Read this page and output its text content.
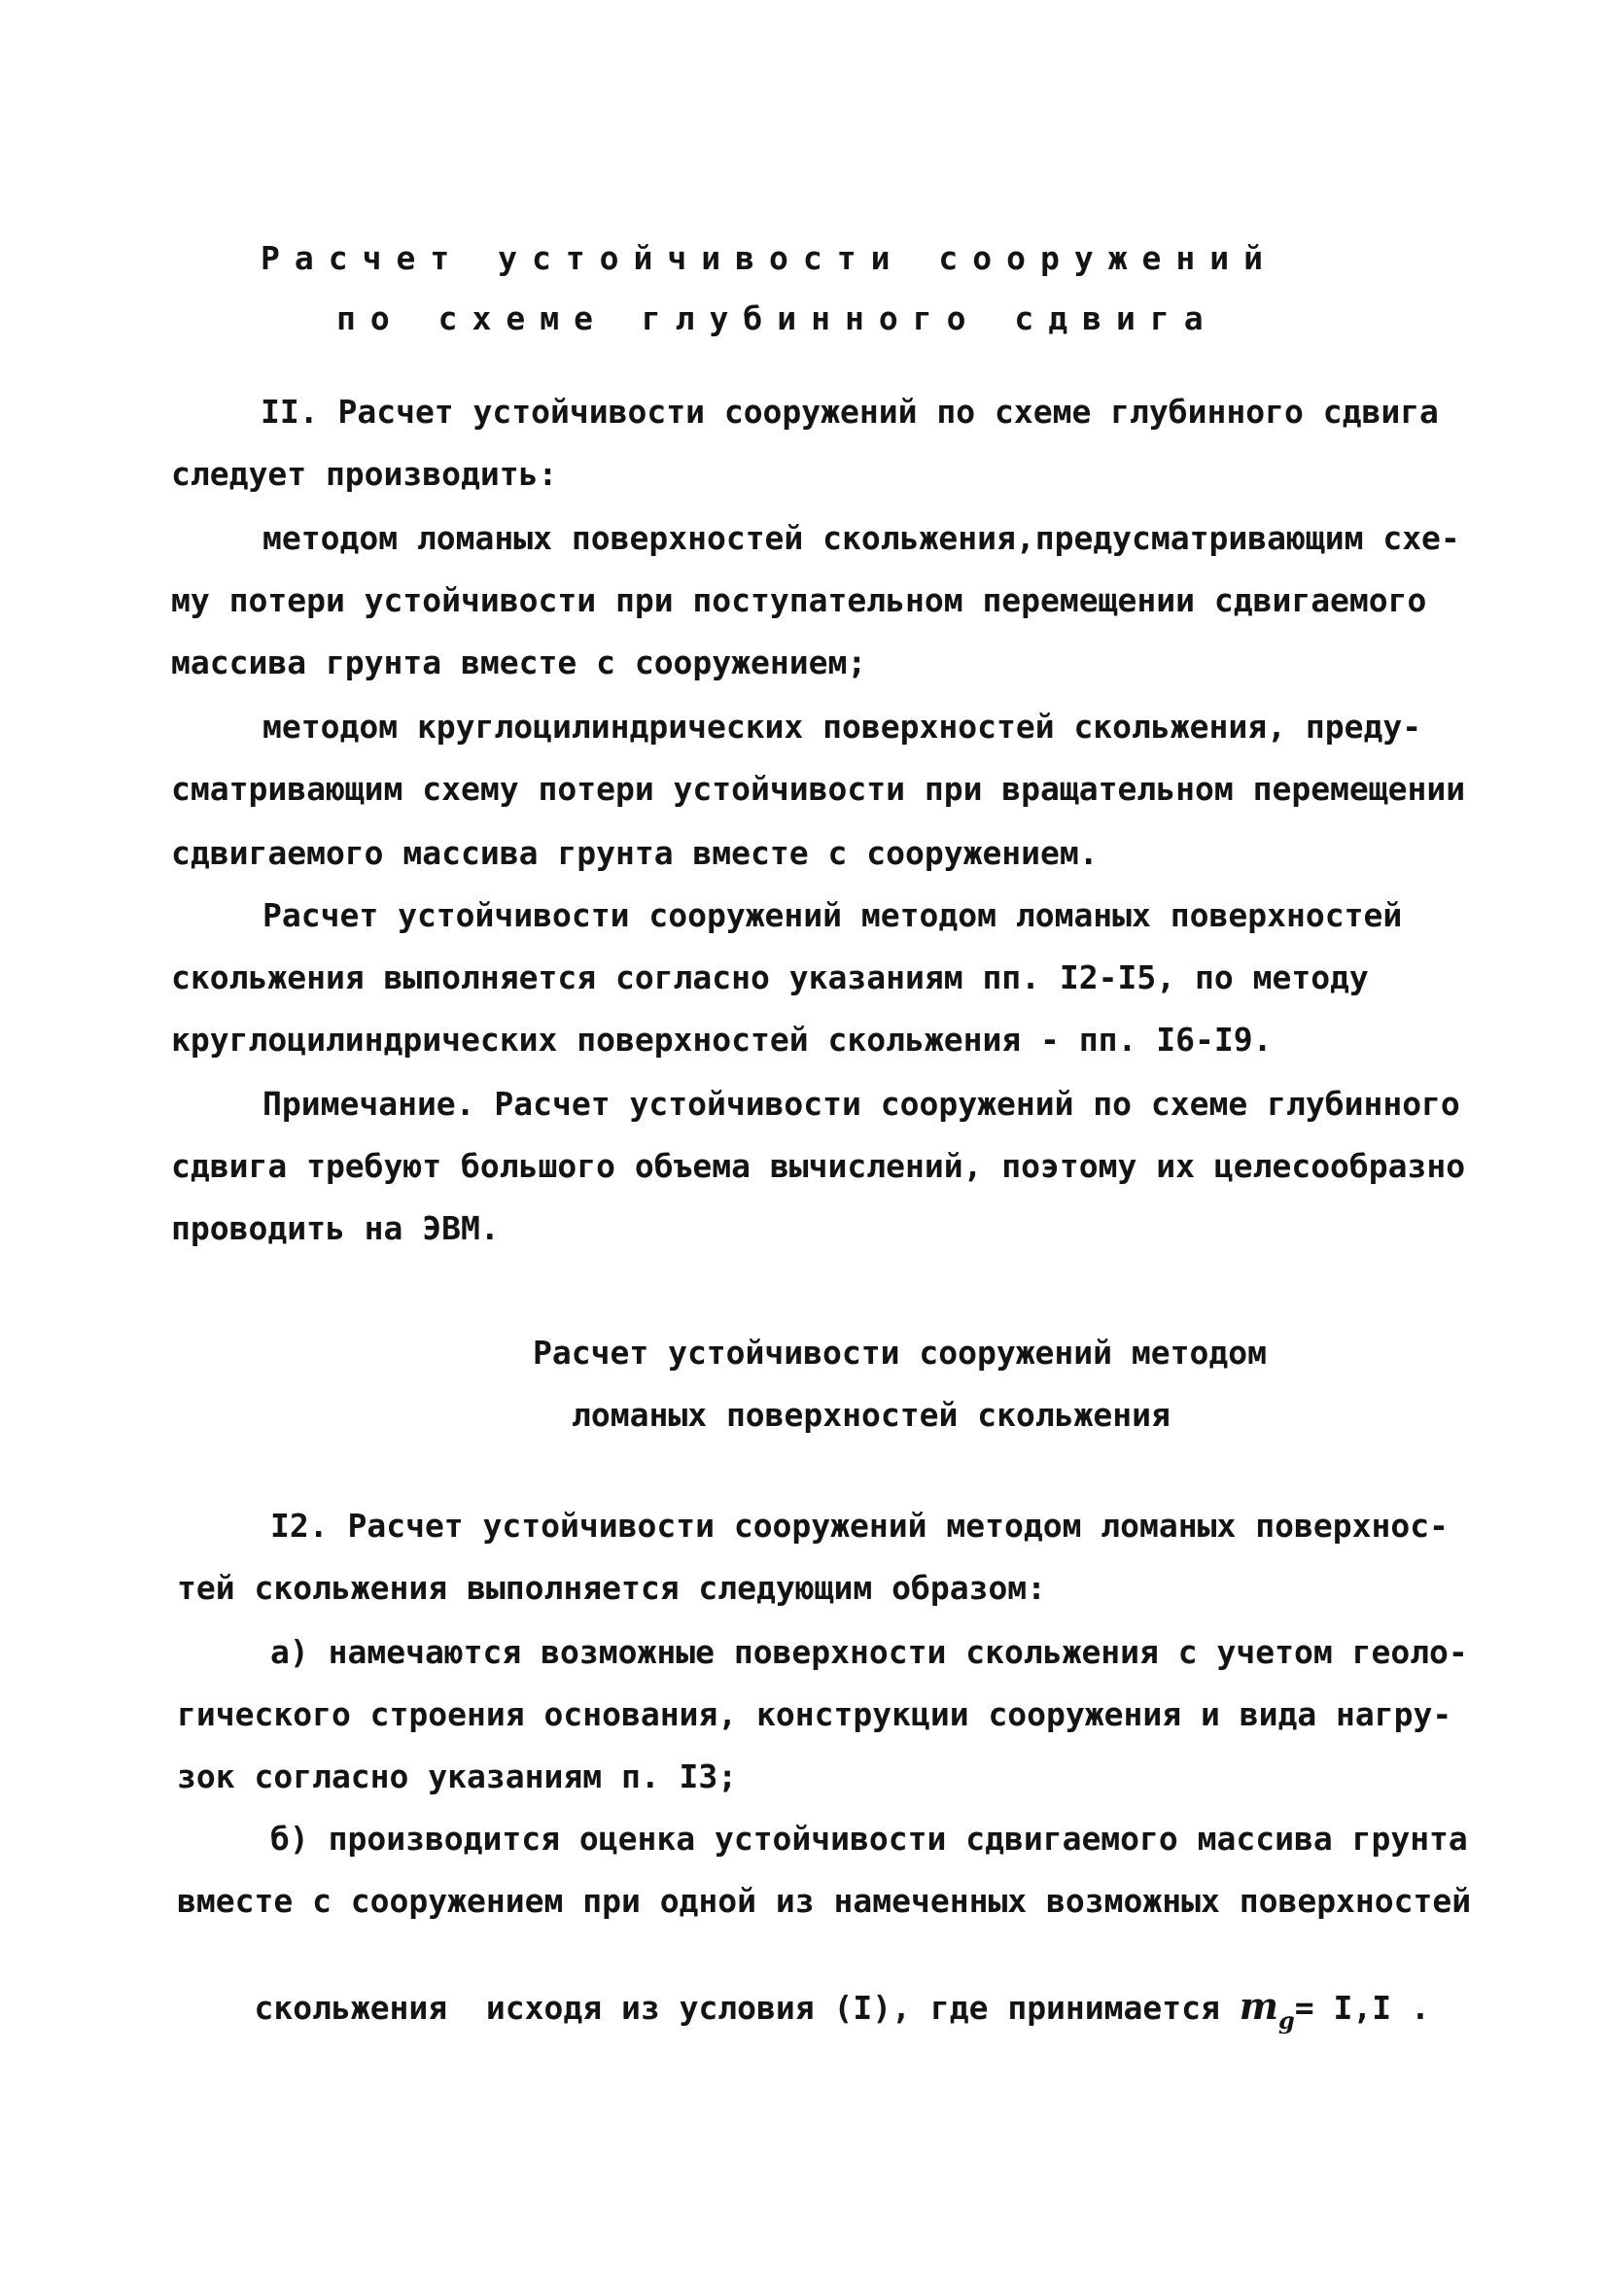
Расчет устойчивости сооружений
по схеме глубинного сдвига
II. Расчет устойчивости сооружений по схеме глубинного сдвига
следует производить:
методом ломаных поверхностей скольжения,предусматривающим схе-
му потери устойчивости при поступательном перемещении сдвигаемого
массива грунта вместе с сооружением;
методом круглоцилиндрических поверхностей скольжения, преду-
сматривающим схему потери устойчивости при вращательном перемещении
сдвигаемого массива грунта вместе с сооружением.
Расчет устойчивости сооружений методом ломаных поверхностей
скольжения выполняется согласно указаниям пп. I2-I5, по методу
круглоцилиндрических поверхностей скольжения - пп. I6-I9.
Примечание. Расчет устойчивости сооружений по схеме глубинного
сдвига требуют большого объема вычислений, поэтому их целесообразно
проводить на ЭВМ.
Расчет устойчивости сооружений методом
ломаных поверхностей скольжения
I2. Расчет устойчивости сооружений методом ломаных поверхнос-
тей скольжения выполняется следующим образом:
а) намечаются возможные поверхности скольжения с учетом геоло-
гического строения основания, конструкции сооружения и вида нагру-
зок согласно указаниям п. I3;
б) производится оценка устойчивости сдвигаемого массива грунта
вместе с сооружением при одной из намеченных возможных поверхностей

скольжения  исходя из условия (I), где принимается $m_g= I,I$ .
